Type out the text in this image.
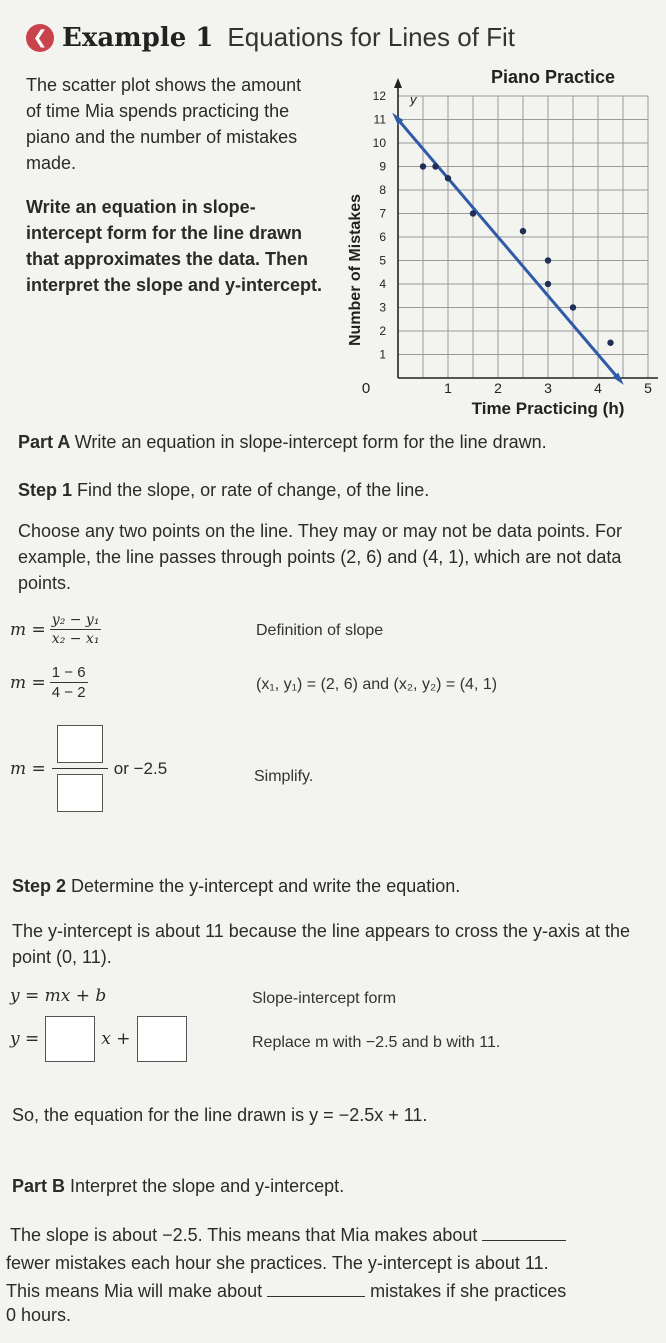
❮ Example 1 Equations for Lines of Fit
The scatter plot shows the amount of time Mia spends practicing the piano and the number of mistakes made.
Write an equation in slope-intercept form for the line drawn that approximates the data. Then interpret the slope and y-intercept.
Piano Practice
1
2
3
4
5
6
7
8
9
10
11
12
1	2	3	4	5
0
y
Time Practicing (h)
Number of Mistakes
Part A Write an equation in slope-intercept form for the line drawn.
Step 1 Find the slope, or rate of change, of the line.
Choose any two points on the line. They may or may not be data points. For example, the line passes through points (2, 6) and (4, 1), which are not data points.
$m = \frac{\text{y₂ − y₁}}{\text{x₂ − x₁}}$	Definition of slope
$m = \frac{1 - 6}{4 - 2}$	(x₁, y₁) = (2, 6) and (x₂, y₂) = (4, 1)
m =	or −2.5	Simplify.
Step 2 Determine the y-intercept and write the equation.
The y-intercept is about 11 because the line appears to cross the y-axis at the point (0, 11).
y = mx + b	Slope-intercept form
y =	x +	Replace m with −2.5 and b with 11.
So, the equation for the line drawn is y = −2.5x + 11.
Part B Interpret the slope and y-intercept.
The slope is about −2.5. This means that Mia makes about
fewer mistakes each hour she practices. The y-intercept is about 11.
This means Mia will make about	mistakes if she practices
0 hours.
